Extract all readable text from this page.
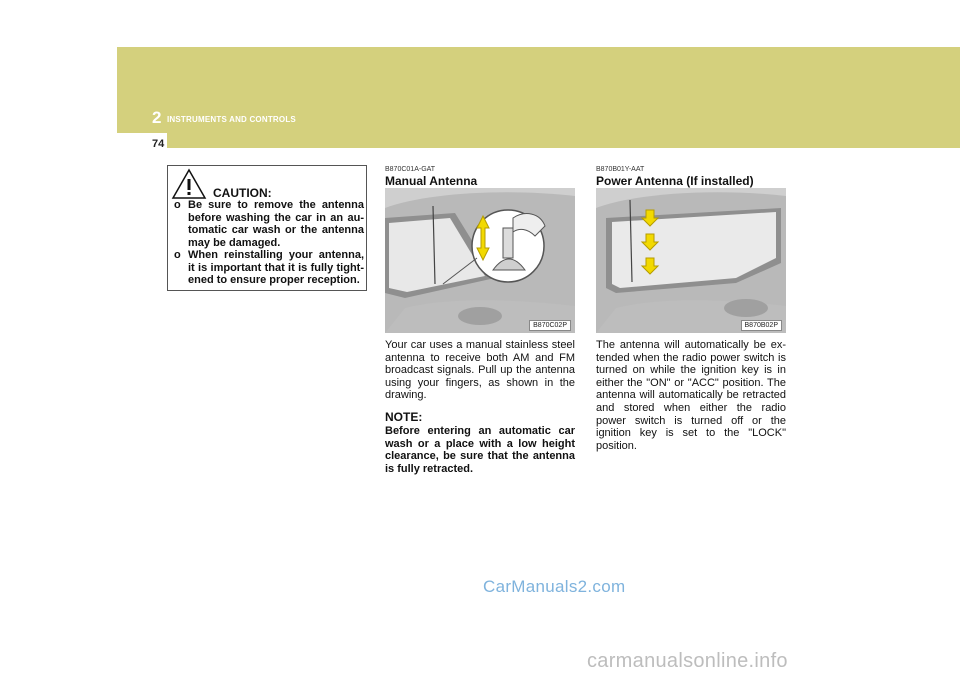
2 INSTRUMENTS AND CONTROLS
74
CAUTION:
o Be sure to remove the antenna before washing the car in an au-tomatic car wash or the antenna may be damaged.
o When reinstalling your antenna, it is important that it is fully tight-ened to ensure proper reception.
B870C01A-GAT
Manual Antenna
B870C02P
Your car uses a manual stainless steel antenna to receive both AM and FM broadcast signals. Pull up the antenna using your fingers, as shown in the drawing.
NOTE:
Before entering an automatic car wash or a place with a low height clearance, be sure that the antenna is fully retracted.
B870B01Y-AAT
Power Antenna (If installed)
B870B02P
The antenna will automatically be ex-tended when the radio power switch is turned on while the ignition key is in either the "ON" or "ACC" position. The antenna will automatically be retracted and stored when either the radio power switch is turned off or the ignition key is set to the "LOCK" position.
CarManuals2.com
carmanualsonline.info
